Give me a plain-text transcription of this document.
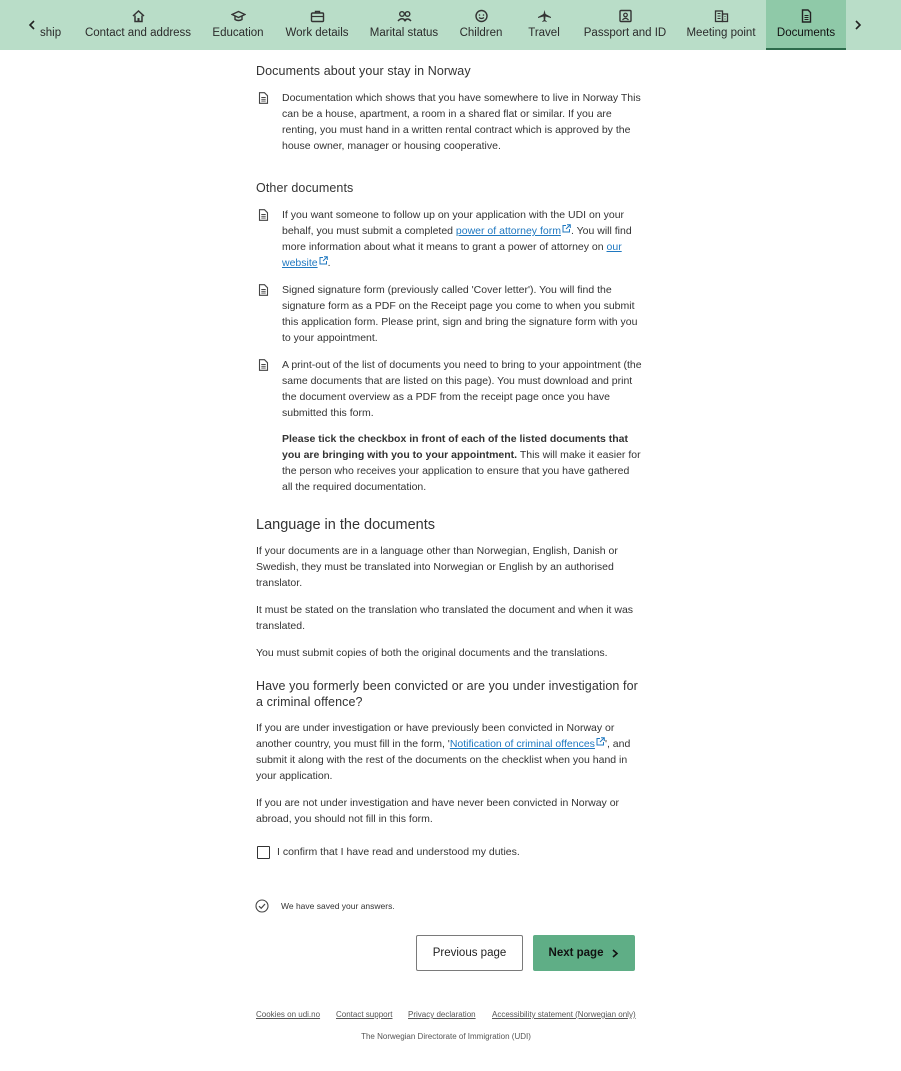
ship Contact and address Education Work details Marital status Children Travel Passport and ID Meeting point Documents
Documents about your stay in Norway
Documentation which shows that you have somewhere to live in Norway This can be a house, apartment, a room in a shared flat or similar. If you are renting, you must hand in a written rental contract which is approved by the house owner, manager or housing cooperative.
Other documents
If you want someone to follow up on your application with the UDI on your behalf, you must submit a completed power of attorney form . You will find more information about what it means to grant a power of attorney on our website .
Signed signature form (previously called 'Cover letter'). You will find the signature form as a PDF on the Receipt page you come to when you submit this application form. Please print, sign and bring the signature form with you to your appointment.
A print-out of the list of documents you need to bring to your appointment (the same documents that are listed on this page). You must download and print the document overview as a PDF from the receipt page once you have submitted this form.
Please tick the checkbox in front of each of the listed documents that you are bringing with you to your appointment. This will make it easier for the person who receives your application to ensure that you have gathered all the required documentation.
Language in the documents
If your documents are in a language other than Norwegian, English, Danish or Swedish, they must be translated into Norwegian or English by an authorised translator.
It must be stated on the translation who translated the document and when it was translated.
You must submit copies of both the original documents and the translations.
Have you formerly been convicted or are you under investigation for a criminal offence?
If you are under investigation or have previously been convicted in Norway or another country, you must fill in the form, 'Notification of criminal offences ', and submit it along with the rest of the documents on the checklist when you hand in your application.
If you are not under investigation and have never been convicted in Norway or abroad, you should not fill in this form.
I confirm that I have read and understood my duties.
We have saved your answers.
Previous page	Next page
Cookies on udi.no Contact support Privacy declaration Accessibility statement (Norwegian only)
The Norwegian Directorate of Immigration (UDI)
